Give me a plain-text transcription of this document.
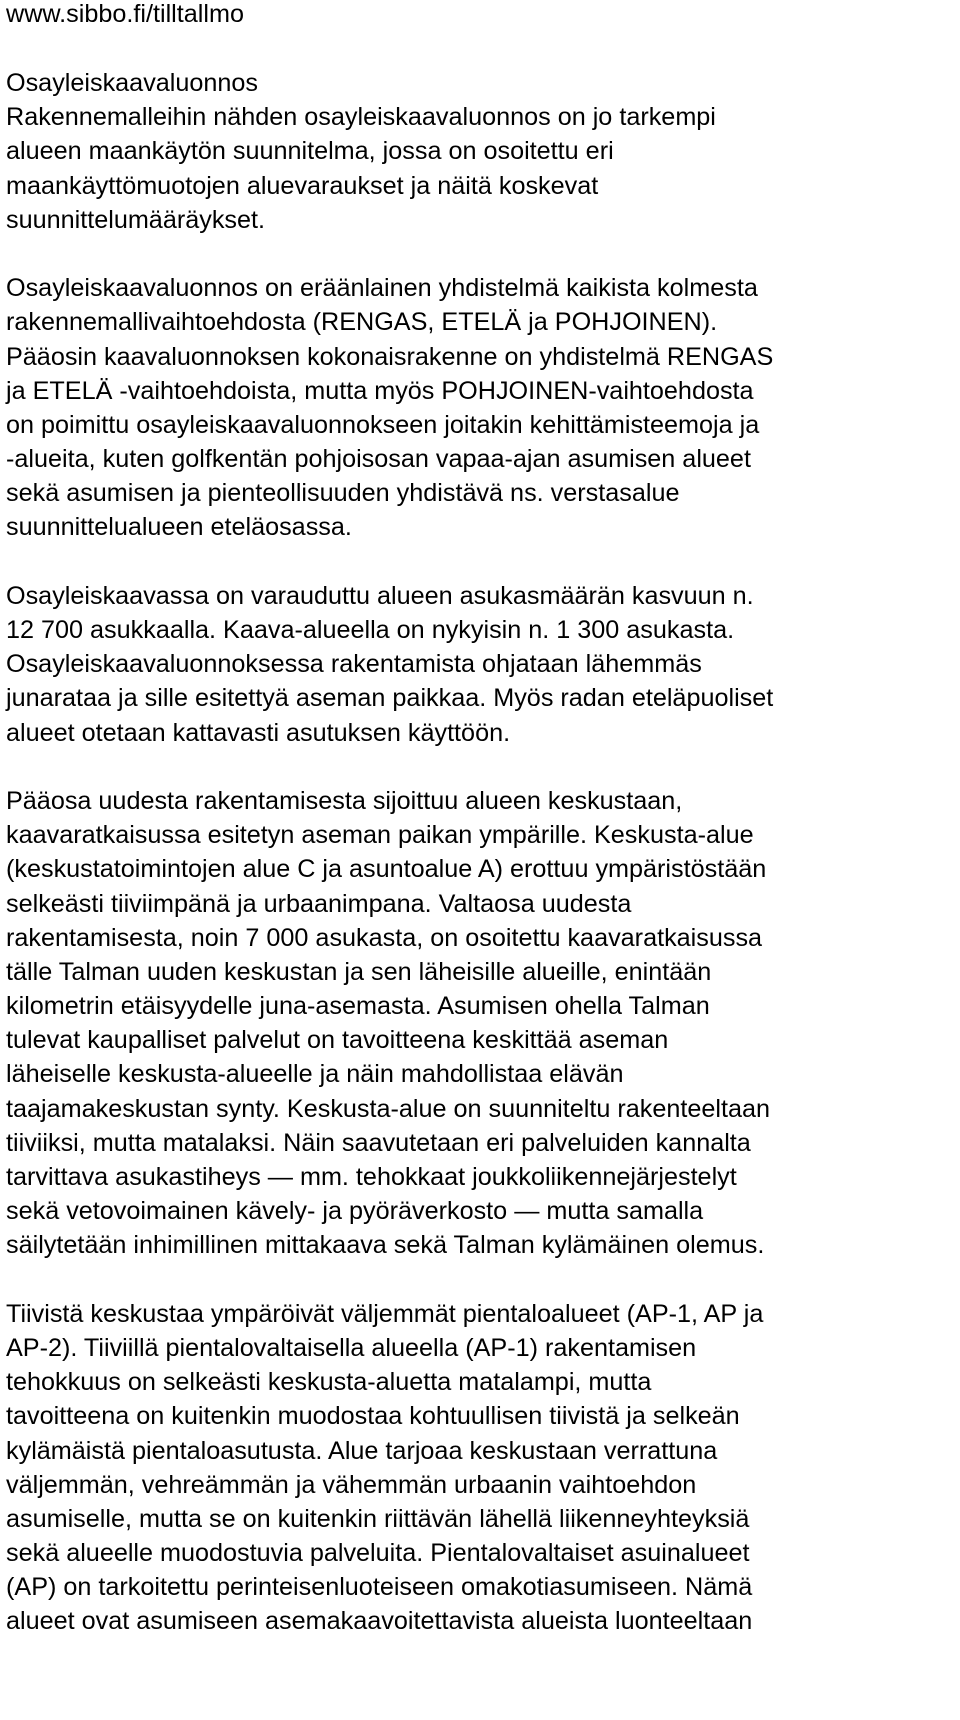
www.sibbo.fi/tilltallmo
Osayleiskaavaluonnos
Rakennemalleihin nähden osayleiskaavaluonnos on jo tarkempi
alueen maankäytön suunnitelma, jossa on osoitettu eri
maankäyttömuotojen aluevaraukset ja näitä koskevat
suunnittelumääräykset.
Osayleiskaavaluonnos on eräänlainen yhdistelmä kaikista kolmesta
rakennemallivaihtoehdosta (RENGAS, ETELÄ ja POHJOINEN).
Pääosin kaavaluonnoksen kokonaisrakenne on yhdistelmä RENGAS
ja ETELÄ -vaihtoehdoista, mutta myös POHJOINEN-vaihtoehdosta
on poimittu osayleiskaavaluonnokseen joitakin kehittämisteemoja ja
-alueita, kuten golfkentän pohjoisosan vapaa-ajan asumisen alueet
sekä asumisen ja pienteollisuuden yhdistävä ns. verstasalue
suunnittelualueen eteläosassa.
Osayleiskaavassa on varauduttu alueen asukasmäärän kasvuun n.
12 700 asukkaalla. Kaava-alueella on nykyisin n. 1 300 asukasta.
Osayleiskaavaluonnoksessa rakentamista ohjataan lähemmäs
junarataa ja sille esitettyä aseman paikkaa. Myös radan eteläpuoliset
alueet otetaan kattavasti asutuksen käyttöön.
Pääosa uudesta rakentamisesta sijoittuu alueen keskustaan,
kaavaratkaisussa esitetyn aseman paikan ympärille. Keskusta-alue
(keskustatoimintojen alue C ja asuntoalue A) erottuu ympäristöstään
selkeästi tiiviimpänä ja urbaanimpana. Valtaosa uudesta
rakentamisesta, noin 7 000 asukasta, on osoitettu kaavaratkaisussa
tälle Talman uuden keskustan ja sen läheisille alueille, enintään
kilometrin etäisyydelle juna-asemasta. Asumisen ohella Talman
tulevat kaupalliset palvelut on tavoitteena keskittää aseman
läheiselle keskusta-alueelle ja näin mahdollistaa elävän
taajamakeskustan synty. Keskusta-alue on suunniteltu rakenteeltaan
tiiviiksi, mutta matalaksi. Näin saavutetaan eri palveluiden kannalta
tarvittava asukastiheys — mm. tehokkaat joukkoliikennejärjestelyt
sekä vetovoimainen kävely- ja pyöräverkosto — mutta samalla
säilytetään inhimillinen mittakaava sekä Talman kylämäinen olemus.
Tiivistä keskustaa ympäröivät väljemmät pientaloalueet (AP-1, AP ja
AP-2). Tiiviillä pientalovaltaisella alueella (AP-1) rakentamisen
tehokkuus on selkeästi keskusta-aluetta matalampi, mutta
tavoitteena on kuitenkin muodostaa kohtuullisen tiivistä ja selkeän
kylämäistä pientaloasutusta. Alue tarjoaa keskustaan verrattuna
väljemmän, vehreämmän ja vähemmän urbaanin vaihtoehdon
asumiselle, mutta se on kuitenkin riittävän lähellä liikenneyhteyksiä
sekä alueelle muodostuvia palveluita. Pientalovaltaiset asuinalueet
(AP) on tarkoitettu perinteisenluoteiseen omakotiasumiseen. Nämä
alueet ovat asumiseen asemakaavoitettavista alueista luonteeltaan
